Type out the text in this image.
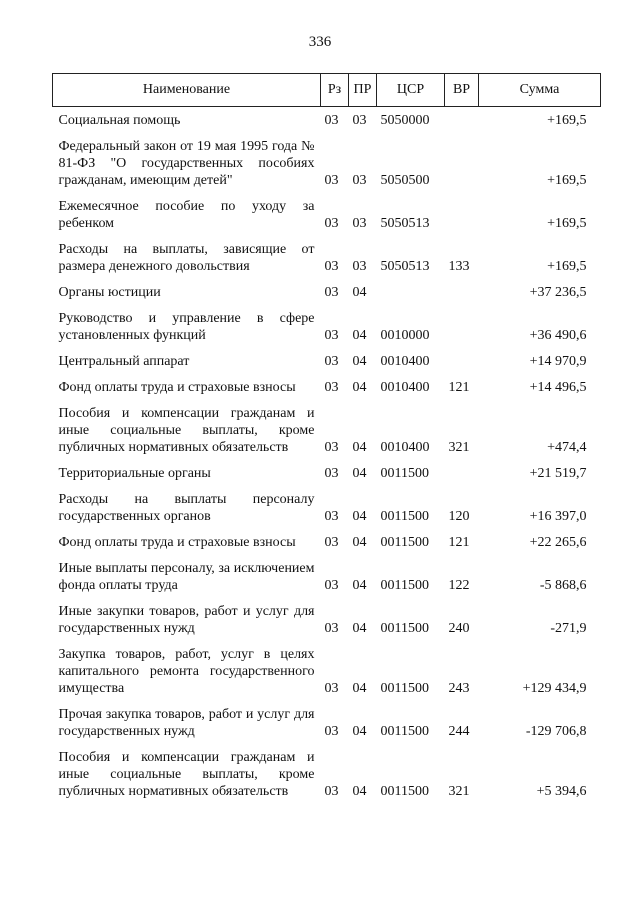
336
Наименование	Рз	ПР	ЦСР	ВР	Сумма
Социальная помощь	03	03	5050000		+169,5
Федеральный закон от 19 мая 1995 года № 81-ФЗ "О государственных пособиях гражданам, имеющим детей"	03	03	5050500		+169,5
Ежемесячное пособие по уходу за ребенком	03	03	5050513		+169,5
Расходы на выплаты, зависящие от размера денежного довольствия	03	03	5050513	133	+169,5
Органы юстиции	03	04			+37 236,5
Руководство и управление в сфере установленных функций	03	04	0010000		+36 490,6
Центральный аппарат	03	04	0010400		+14 970,9
Фонд оплаты труда и страховые взносы	03	04	0010400	121	+14 496,5
Пособия и компенсации гражданам и иные социальные выплаты, кроме публичных нормативных обязательств	03	04	0010400	321	+474,4
Территориальные органы	03	04	0011500		+21 519,7
Расходы на выплаты персоналу государственных органов	03	04	0011500	120	+16 397,0
Фонд оплаты труда и страховые взносы	03	04	0011500	121	+22 265,6
Иные выплаты персоналу, за исключением фонда оплаты труда	03	04	0011500	122	-5 868,6
Иные закупки товаров, работ и услуг для государственных нужд	03	04	0011500	240	-271,9
Закупка товаров, работ, услуг в целях капитального ремонта государственного имущества	03	04	0011500	243	+129 434,9
Прочая закупка товаров, работ и услуг для государственных нужд	03	04	0011500	244	-129 706,8
Пособия и компенсации гражданам и иные социальные выплаты, кроме публичных нормативных обязательств	03	04	0011500	321	+5 394,6
